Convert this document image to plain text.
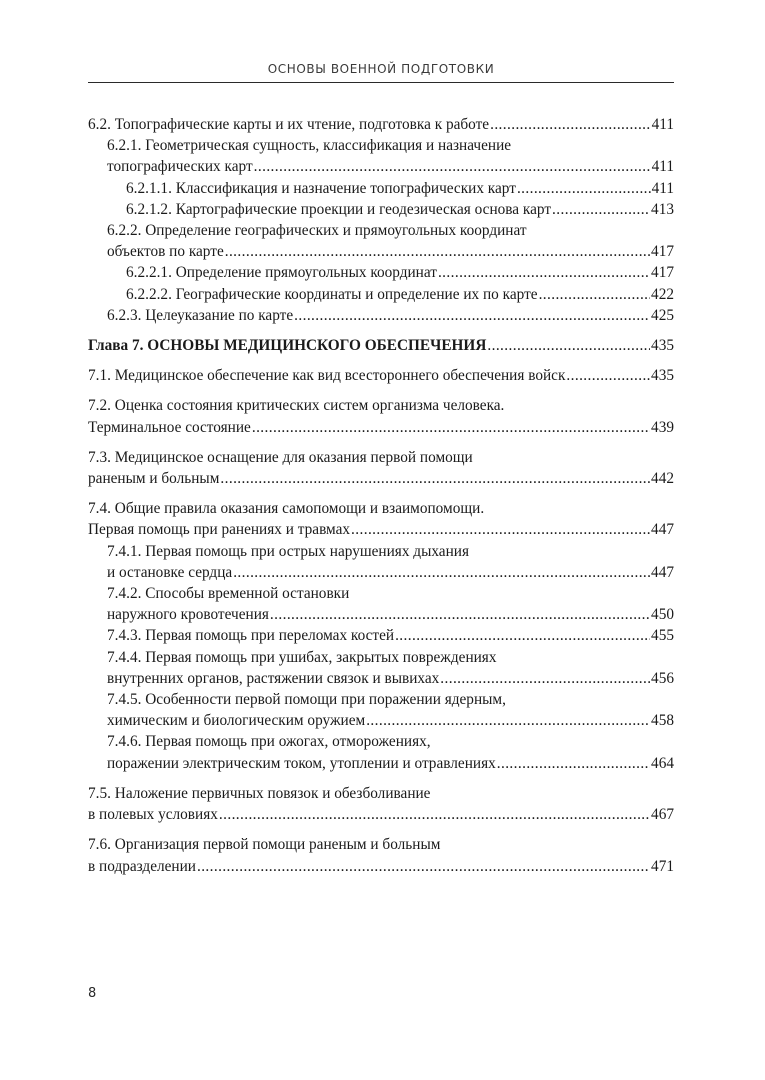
ОСНОВЫ ВОЕННОЙ ПОДГОТОВКИ
6.2. Топографические карты и их чтение, подготовка к работе .....	411
6.2.1. Геометрическая сущность, классификация и назначение
топографических карт .....	411
6.2.1.1. Классификация и назначение топографических карт .....	411
6.2.1.2. Картографические проекции и геодезическая основа карт .....	413
6.2.2. Определение географических и прямоугольных координат
объектов по карте .....	417
6.2.2.1. Определение прямоугольных координат .....	417
6.2.2.2. Географические координаты и определение их по карте .....	422
6.2.3. Целеуказание по карте .....	425
Глава 7. ОСНОВЫ МЕДИЦИНСКОГО ОБЕСПЕЧЕНИЯ .....	435
7.1. Медицинское обеспечение как вид всестороннего обеспечения войск .....	435
7.2. Оценка состояния критических систем организма человека.
Терминальное состояние .....	439
7.3. Медицинское оснащение для оказания первой помощи
раненым и больным .....	442
7.4. Общие правила оказания самопомощи и взаимопомощи.
Первая помощь при ранениях и травмах .....	447
7.4.1. Первая помощь при острых нарушениях дыхания
и остановке сердца .....	447
7.4.2. Способы временной остановки
наружного кровотечения .....	450
7.4.3. Первая помощь при переломах костей .....	455
7.4.4. Первая помощь при ушибах, закрытых повреждениях
внутренних органов, растяжении связок и вывихах .....	456
7.4.5. Особенности первой помощи при поражении ядерным,
химическим и биологическим оружием .....	458
7.4.6. Первая помощь при ожогах, отморожениях,
поражении электрическим током, утоплении и отравлениях .....	464
7.5. Наложение первичных повязок и обезболивание
в полевых условиях .....	467
7.6. Организация первой помощи раненым и больным
в подразделении .....	471
8
